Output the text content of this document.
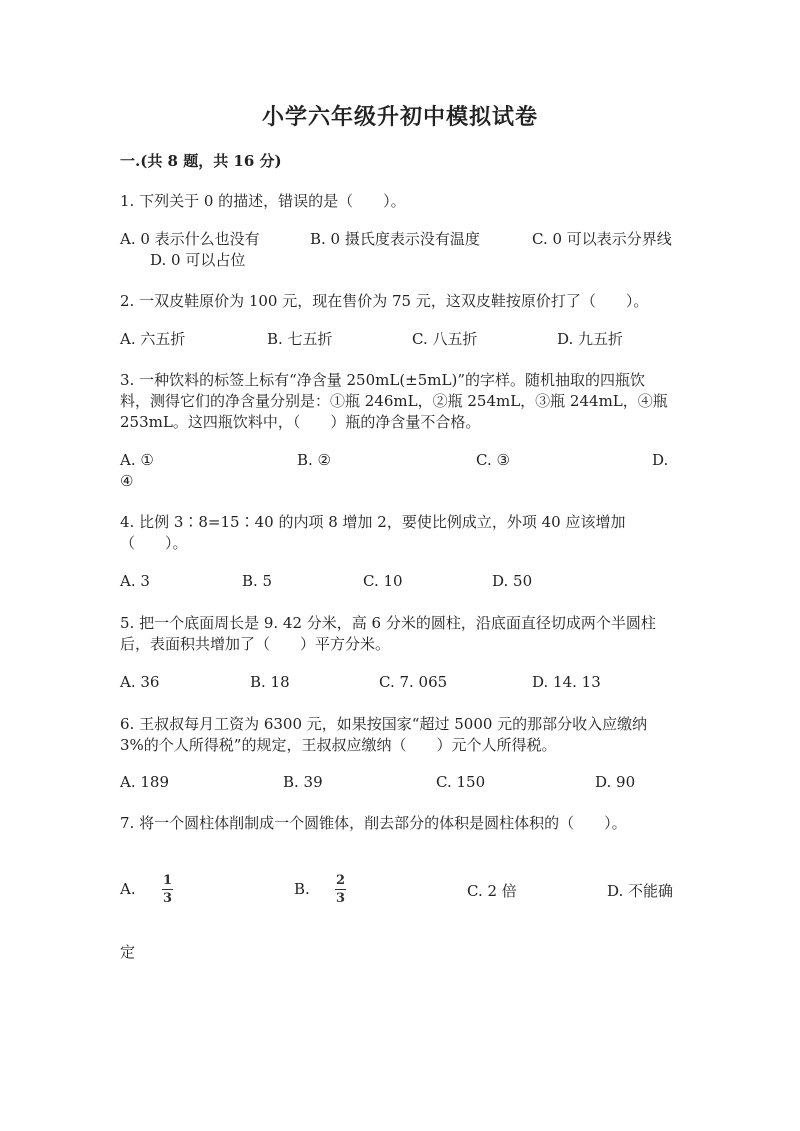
小学六年级升初中模拟试卷
一.(共 8 题，共 16 分)
1. 下列关于 0 的描述，错误的是（　　）。
A. 0 表示什么也没有	B. 0 摄氏度表示没有温度	C. 0 可以表示分界线
D. 0 可以占位
2. 一双皮鞋原价为 100 元，现在售价为 75 元，这双皮鞋按原价打了（　　）。
A. 六五折	B. 七五折	C. 八五折	D. 九五折
3. 一种饮料的标签上标有“净含量 250mL(±5mL)”的字样。随机抽取的四瓶饮
料，测得它们的净含量分别是：①瓶 246mL，②瓶 254mL，③瓶 244mL，④瓶
253mL。这四瓶饮料中，（　　）瓶的净含量不合格。
A. ①	B. ②	C. ③	D.
④
4. 比例 3∶8=15∶40 的内项 8 增加 2，要使比例成立，外项 40 应该增加
（　　）。
A. 3	B. 5	C. 10	D. 50
5. 把一个底面周长是 9. 42 分米，高 6 分米的圆柱，沿底面直径切成两个半圆柱
后，表面积共增加了（　　）平方分米。
A. 36	B. 18	C. 7. 065	D. 14. 13
6. 王叔叔每月工资为 6300 元，如果按国家“超过 5000 元的那部分收入应缴纳
3%的个人所得税”的规定，王叔叔应缴纳（　　）元个人所得税。
A. 189	B. 39	C. 150	D. 90
7. 将一个圆柱体削制成一个圆锥体，削去部分的体积是圆柱体积的（　　）。
A. 1
3
B. 2
3	C. 2 倍	D. 不能确
定
